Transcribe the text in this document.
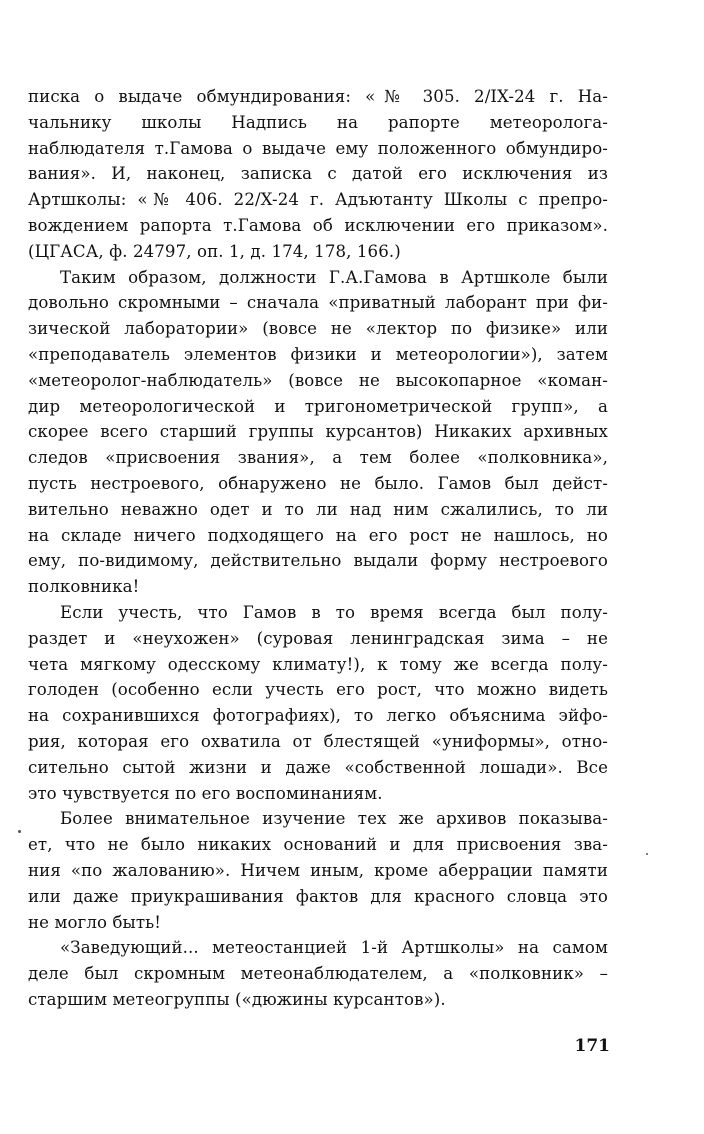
писка о выдаче обмундирования: «№ 305. 2/IX-24 г. На-
чальнику школы Надпись на рапорте метеоролога-
наблюдателя т.Гамова о выдаче ему положенного обмундиро-
вания». И, наконец, записка с датой его исключения из
Артшколы: «№ 406. 22/X-24 г. Адъютанту Школы с препро-
вождением рапорта т.Гамова об исключении его приказом».
(ЦГАСА, ф. 24797, оп. 1, д. 174, 178, 166.)
Таким образом, должности Г.А.Гамова в Артшколе были
довольно скромными – сначала «приватный лаборант при фи-
зической лаборатории» (вовсе не «лектор по физике» или
«преподаватель элементов физики и метеорологии»), затем
«метеоролог-наблюдатель» (вовсе не высокопарное «коман-
дир метеорологической и тригонометрической групп», а
скорее всего старший группы курсантов) Никаких архивных
следов «присвоения звания», а тем более «полковника»,
пусть нестроевого, обнаружено не было. Гамов был дейст-
вительно неважно одет и то ли над ним сжалились, то ли
на складе ничего подходящего на его рост не нашлось, но
ему, по-видимому, действительно выдали форму нестроевого
полковника!
Если учесть, что Гамов в то время всегда был полу-
раздет и «неухожен» (суровая ленинградская зима – не
чета мягкому одесскому климату!), к тому же всегда полу-
голоден (особенно если учесть его рост, что можно видеть
на сохранившихся фотографиях), то легко объяснима эйфо-
рия, которая его охватила от блестящей «униформы», отно-
сительно сытой жизни и даже «собственной лошади». Все
это чувствуется по его воспоминаниям.
Более внимательное изучение тех же архивов показыва-
ет, что не было никаких оснований и для присвоения зва-
ния «по жалованию». Ничем иным, кроме аберрации памяти
или даже приукрашивания фактов для красного словца это
не могло быть!
«Заведующий... метеостанцией 1-й Артшколы» на самом
деле был скромным метеонаблюдателем, а «полковник» –
старшим метеогруппы («дюжины курсантов»).
171
